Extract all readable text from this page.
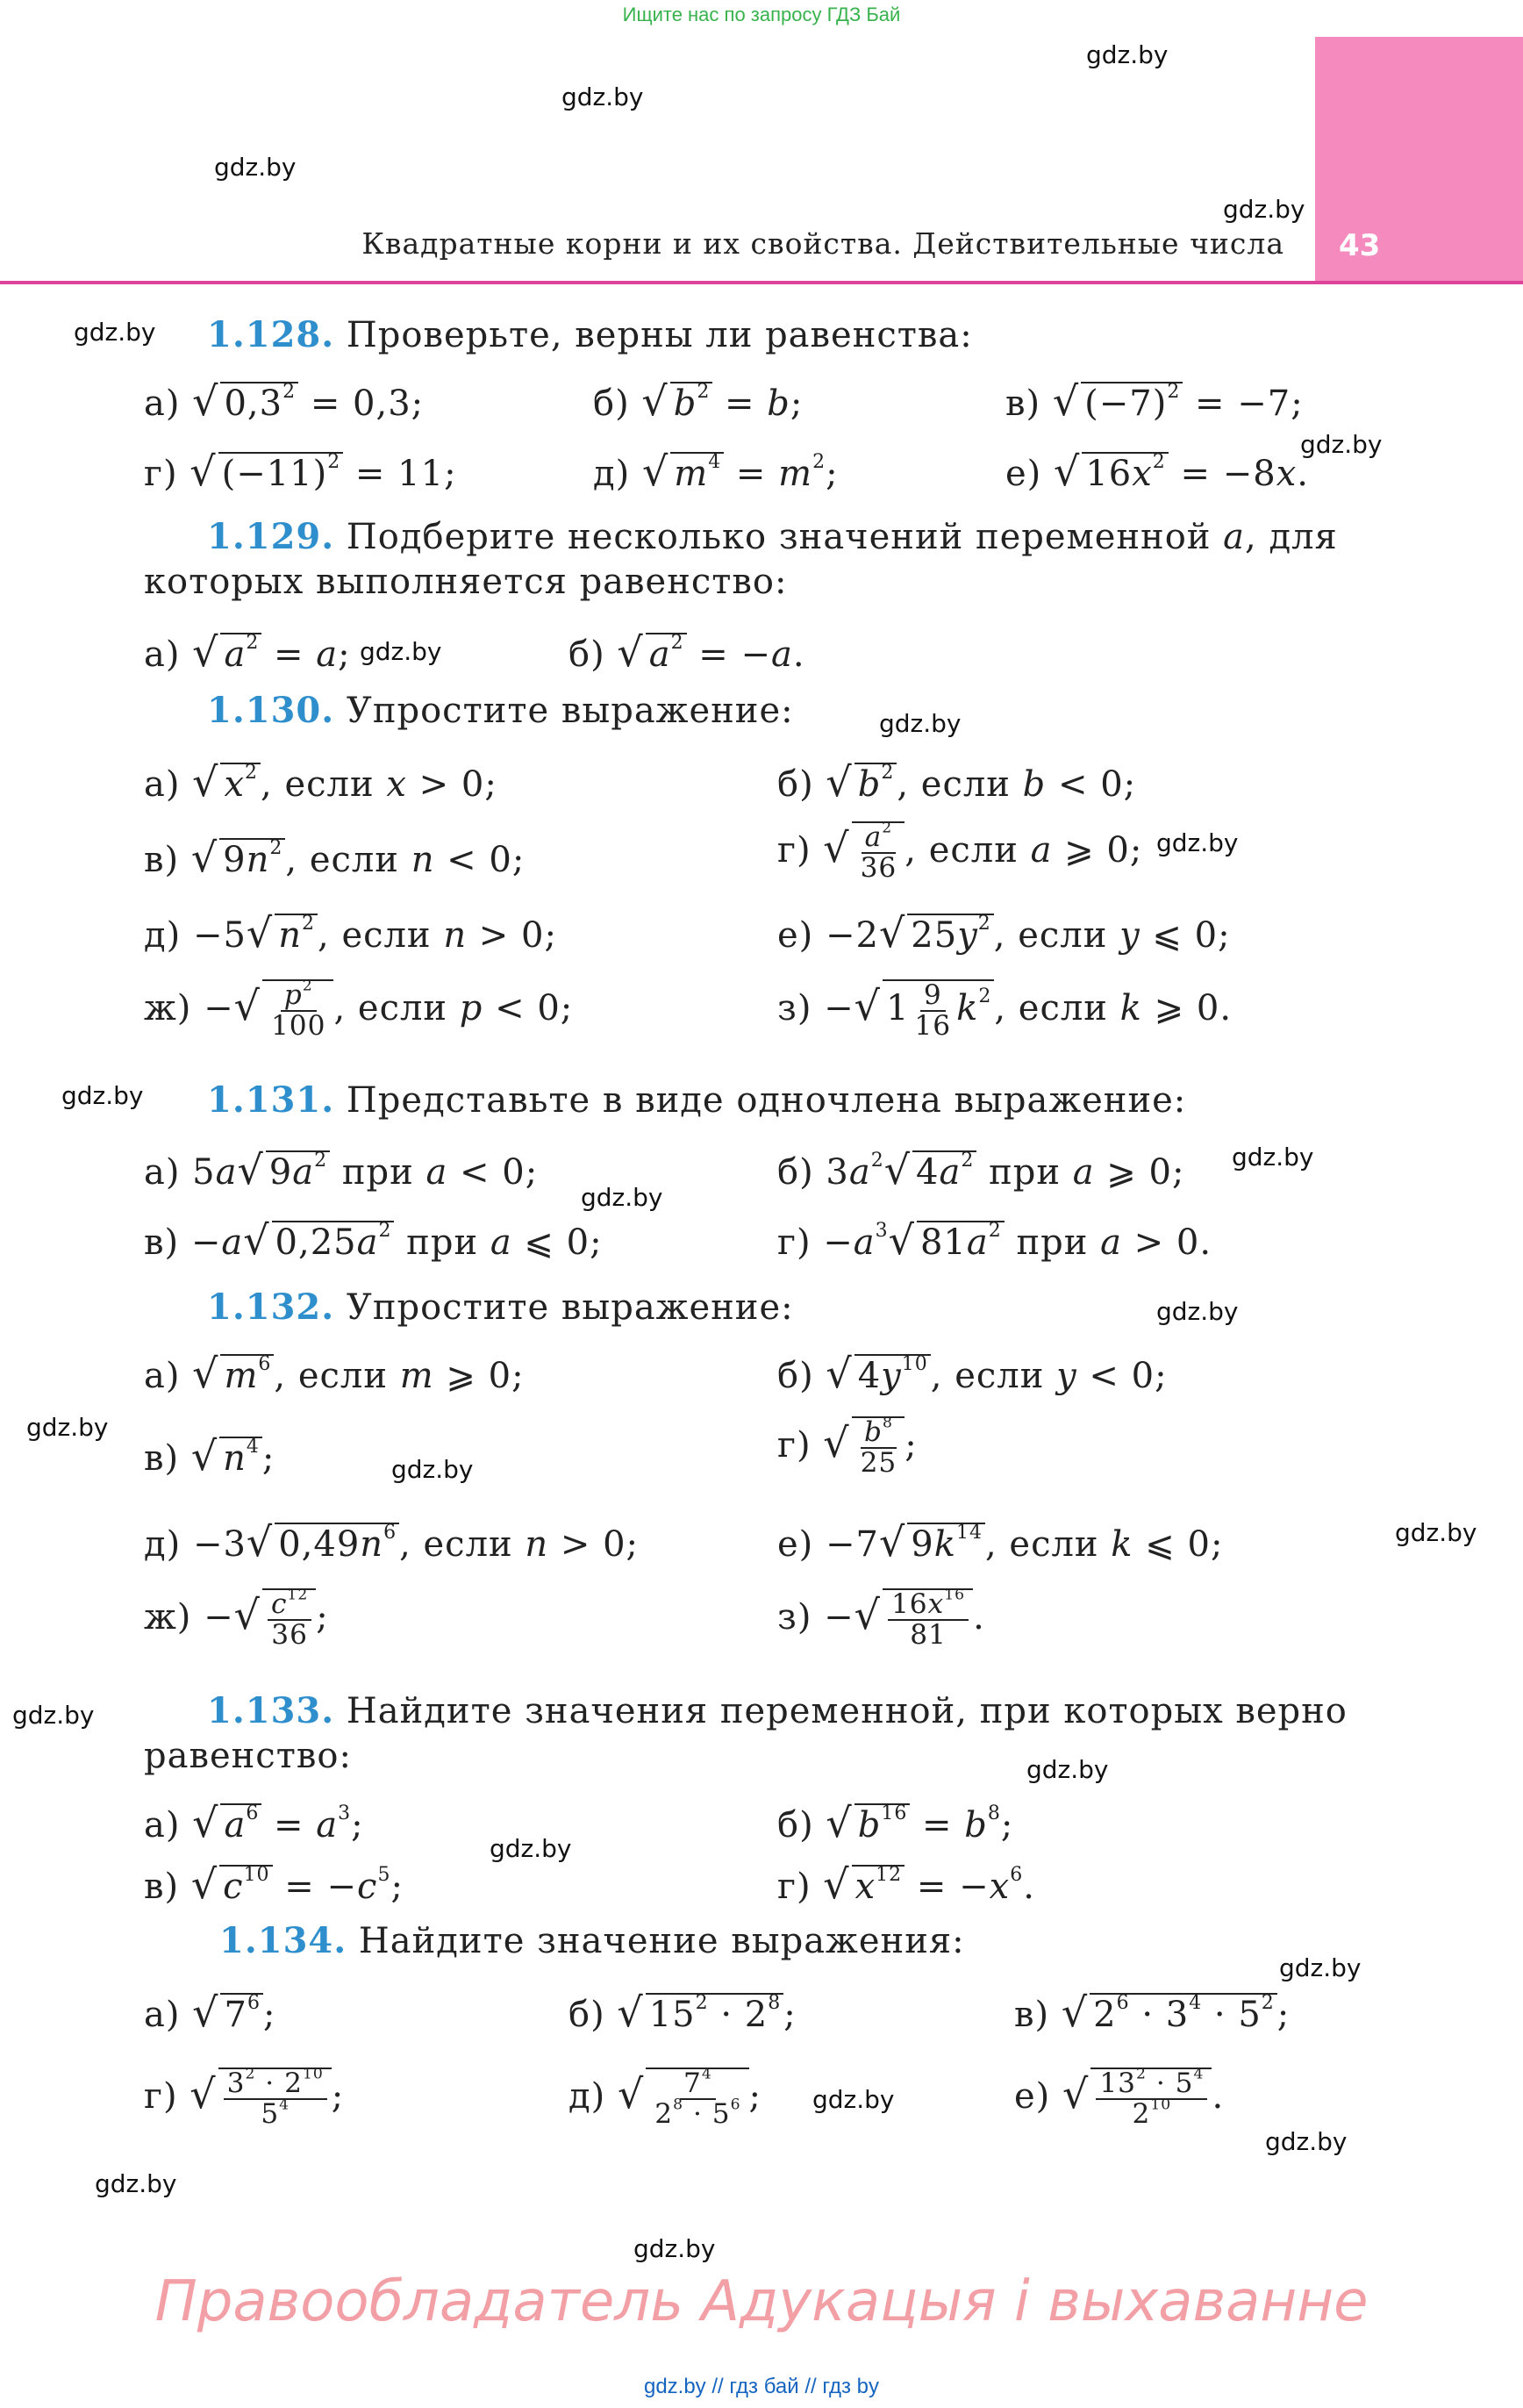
Ищите нас по запросу ГДЗ Бай
43
Квадратные корни и их свойства. Действительные числа
gdz.by
gdz.by
gdz.by
gdz.by
gdz.by
gdz.by
gdz.by
gdz.by
gdz.by
gdz.by
gdz.by
gdz.by
gdz.by
gdz.by
gdz.by
gdz.by
gdz.by
gdz.by
gdz.by
gdz.by
gdz.by
gdz.by
gdz.by
gdz.by
1.128. Проверьте, верны ли равенства:
а) √ $0,3^2 = 0,3$;	б) √ $b^2 = b$;	в) √ $(-7)^2 = -7$;
г) √ $(-11)^2 = 11$;	д) √ $m^4 = m^2$;	е) √ $16x^2 = -8x$.
1.129. Подберите несколько значений переменной a, для
которых выполняется равенство:
а) √ $a^2 = a$;	б) √ $a^2 = -a$.
1.130. Упростите выражение:
а) √ $x^2$, если x > 0;	б) √ $b^2$, если b < 0;
в) √ $9n^2$, если n < 0;	г) √ $\frac{a^2}{36}$ , если a ⩾ 0;
д) −5√ $n^2$, если n > 0;	е) −2√ $25y^2$, если y ⩽ 0;
ж) −√ $\frac{p^2}{100}$ , если p < 0;	з) −√ $1 \frac{9}{16} k^2$, если k ⩾ 0.
1.131. Представьте в виде одночлена выражение:
а) 5a√ $9a^2$ при a < 0;	б) $3a^2√$ $4a^2$ при a ⩾ 0;
в) −a√ $0,25a^2$ при a ⩽ 0;	$г) -a^3√$ $81a^2$ при a > 0.
1.132. Упростите выражение:
а) √ $m^6$, если m ⩾ 0;	б) √ $4y^{10}$, если y < 0;
в) √ $n^4$;	г) √ $\frac{b^8}{25}$ ;
д) −3√ $0,49n^6$, если n > 0;	е) −7√ $9k^{14}$, если k ⩽ 0;
ж) −√ $\frac{c^{12}}{36}$ ;	з) −√ $\frac{16x^{16}}{81}$ .
1.133. Найдите значения переменной, при которых верно
равенство:
а) √ $a^6 = a^3$;	б) √ $b^{16} = b^8$;
в) √ $c^{10} = -c^5$;	г) √ $x^{12} = -x^6$.
1.134. Найдите значение выражения:
а) √ $7^6$;	б) √ $15^2 \cdot 2^8$;	в) √ $2^6 \cdot 3^4 \cdot 5^2$;
г) √ $\frac{3^2 \cdot 2^{10}}{5^4}$ ;	д) √ $\frac{7^4}{2^8 \cdot 5^6}$ ;	е) √ $\frac{13^2 \cdot 5^4}{2^{10}}$ .
Правообладатель Адукацыя і выхаванне
gdz.by // гдз бай // гдз by
